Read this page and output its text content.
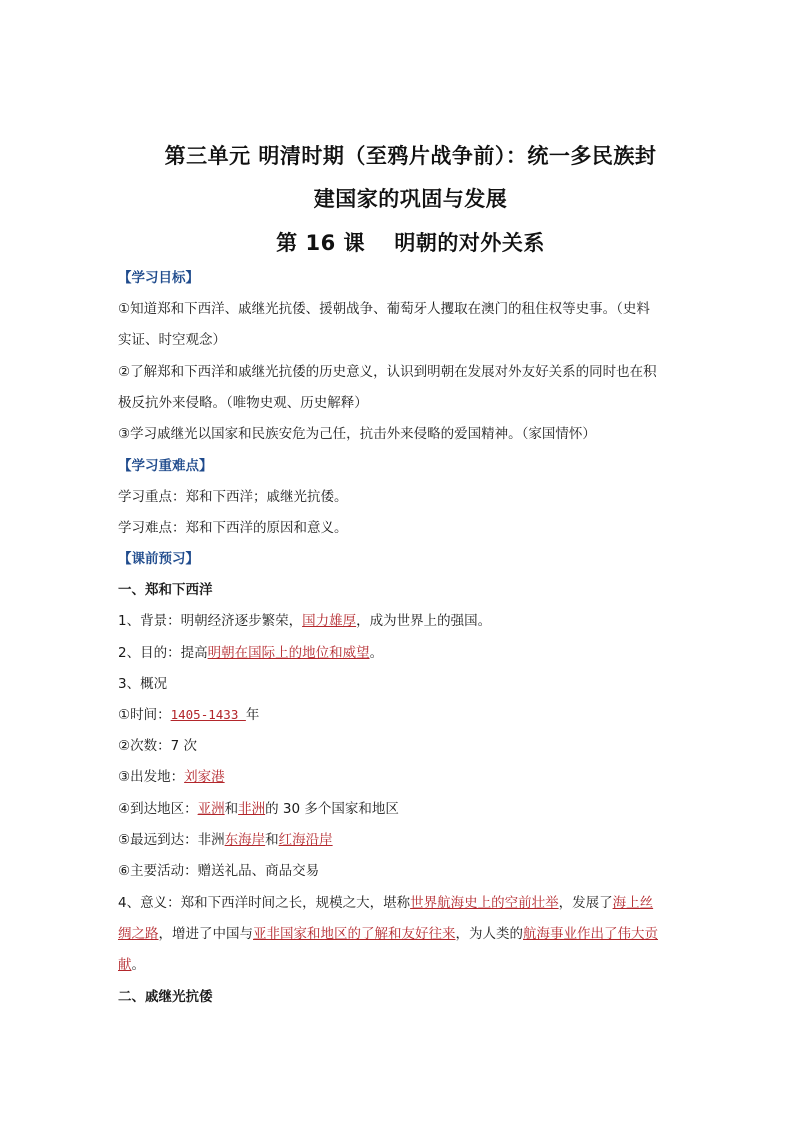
第三单元 明清时期（至鸦片战争前）：统一多民族封
建国家的巩固与发展
第 16 课　 明朝的对外关系
【学习目标】
①知道郑和下西洋、戚继光抗倭、援朝战争、葡萄牙人攫取在澳门的租住权等史事。（史料
实证、时空观念）
②了解郑和下西洋和戚继光抗倭的历史意义，认识到明朝在发展对外友好关系的同时也在积
极反抗外来侵略。（唯物史观、历史解释）
③学习戚继光以国家和民族安危为己任，抗击外来侵略的爱国精神。（家国情怀）
【学习重难点】
学习重点：郑和下西洋；戚继光抗倭。
学习难点：郑和下西洋的原因和意义。
【课前预习】
一、郑和下西洋
1、背景：明朝经济逐步繁荣，国力雄厚，成为世界上的强国。
2、目的：提高明朝在国际上的地位和威望。
3、概况
①时间：1405-1433 年
②次数：7 次
③出发地：刘家港
④到达地区：亚洲和非洲的 30 多个国家和地区
⑤最远到达：非洲东海岸和红海沿岸
⑥主要活动：赠送礼品、商品交易
4、意义：郑和下西洋时间之长，规模之大，堪称世界航海史上的空前壮举，发展了海上丝
绸之路，增进了中国与亚非国家和地区的了解和友好往来，为人类的航海事业作出了伟大贡
献。
二、戚继光抗倭
